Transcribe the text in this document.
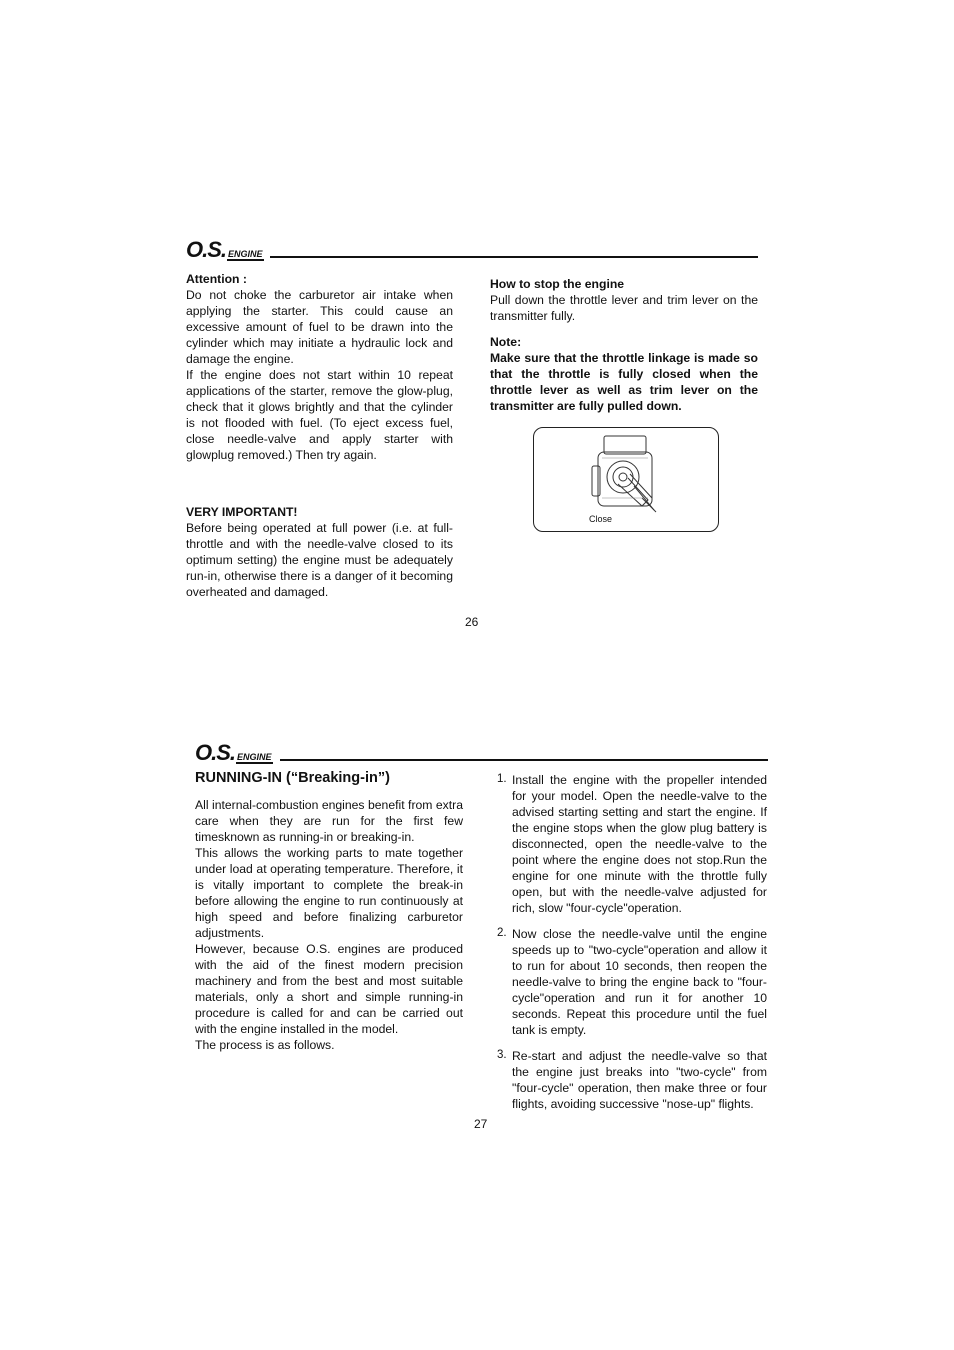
O.S. ENGINE

Attention :

Do not choke the carburetor air intake when applying the starter. This could cause an excessive amount of fuel to be drawn into the cylinder which may initiate a hydraulic lock and damage the engine.

If the engine does not start within 10 repeat applications of the starter, remove the glow-plug, check that it glows brightly and that the cylinder is not flooded with fuel. (To eject excess fuel, close needle-valve and apply starter with glowplug removed.) Then try again.

VERY IMPORTANT!

Before being operated at full power (i.e. at full-throttle and with the needle-valve closed to its optimum setting) the engine must be adequately run-in, otherwise there is a danger of it becoming overheated and damaged.

How to stop the engine

Pull down the throttle lever and trim lever on the transmitter fully.

Note:

Make sure that the throttle linkage is made so that the throttle is fully closed when the throttle lever as well as trim lever on the transmitter are fully pulled down.

Close
26
O.S. ENGINE
RUNNING-IN (“Breaking-in”)

All internal-combustion engines benefit from extra care when they are run for the first few timesknown as running-in or breaking-in.

This allows the working parts to mate together under load at operating temperature. Therefore, it is vitally important to complete the break-in before allowing the engine to run continuously at high speed and before finalizing carburetor adjustments.

However, because O.S. engines are produced with the aid of the finest modern precision machinery and from the best and most suitable materials, only a short and simple running-in procedure is called for and can be carried out with the engine installed in the model.

The process is as follows.

1. Install the engine with the propeller intended for your model. Open the needle-valve to the advised starting setting and start the engine. If the engine stops when the glow plug battery is disconnected, open the needle-valve to the point where the engine does not stop.Run the engine for one minute with the throttle fully open, but with the needle-valve adjusted for rich, slow "four-cycle"operation.
2. Now close the needle-valve until the engine speeds up to "two-cycle"operation and allow it to run for about 10 seconds, then reopen the needle-valve to bring the engine back to "four-cycle"operation and run it for another 10 seconds. Repeat this procedure until the fuel tank is empty.
3. Re-start and adjust the needle-valve so that the engine just breaks into "two-cycle" from "four-cycle" operation, then make three or four flights, avoiding successive "nose-up" flights.
27
